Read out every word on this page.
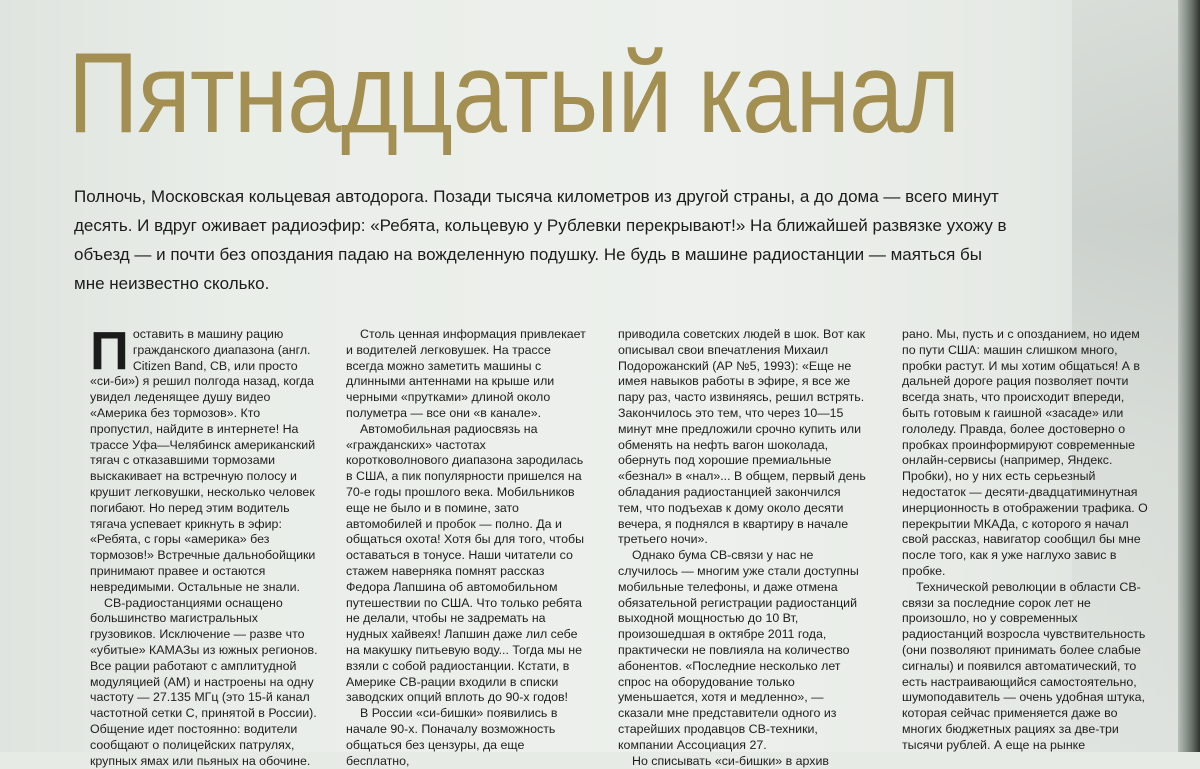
Пятнадцатый канал

Полночь, Московская кольцевая автодорога. Позади тысяча километров из другой страны, а до дома — всего минут десять. И вдруг оживает радиоэфир: «Ребята, кольцевую у Рублевки перекрывают!» На ближайшей развязке ухожу в объезд — и почти без опоздания падаю на вожделенную подушку. Не будь в машине радиостанции — маяться бы мне неизвестно сколько.

Поставить в машину рацию гражданского диапазона (англ. Citizen Band, CB, или просто «си-би») я решил полгода назад, когда увидел леденящее душу видео «Америка без тормозов». Кто пропустил, найдите в интернете! На трассе Уфа—Челябинск американский тягач с отказавшими тормозами выскакивает на встречную полосу и крушит легковушки, несколько человек погибают. Но перед этим водитель тягача успевает крикнуть в эфир: «Ребята, с горы «америка» без тормозов!» Встречные дальнобойщики принимают правее и остаются невредимыми. Остальные не знали.

CB-радиостанциями оснащено большинство магистральных грузовиков. Исключение — разве что «убитые» КАМАЗы из южных регионов. Все рации работают с амплитудной модуляцией (АМ) и настроены на одну частоту — 27.135 МГц (это 15-й канал частотной сетки С, принятой в России). Общение идет постоянно: водители сообщают о полицейских патрулях, крупных ямах или пьяных на обочине.

Столь ценная информация привлекает и водителей легковушек. На трассе всегда можно заметить машины с длинными антеннами на крыше или черными «прутками» длиной около полуметра — все они «в канале».

Автомобильная радиосвязь на «гражданских» частотах коротковолнового диапазона зародилась в США, а пик популярности пришелся на 70-е годы прошлого века. Мобильников еще не было и в помине, зато автомобилей и пробок — полно. Да и общаться охота! Хотя бы для того, чтобы оставаться в тонусе. Наши читатели со стажем наверняка помнят рассказ Федора Лапшина об автомобильном путешествии по США. Что только ребята не делали, чтобы не задремать на нудных хайвеях! Лапшин даже лил себе на макушку питьевую воду... Тогда мы не взяли с собой радиостанции. Кстати, в Америке CB-рации входили в списки заводских опций вплоть до 90-х годов!

В России «си-бишки» появились в начале 90-х. Поначалу возможность общаться без цензуры, да еще бесплатно,

приводила советских людей в шок. Вот как описывал свои впечатления Михаил Подорожанский (АР №5, 1993): «Еще не имея навыков работы в эфире, я все же пару раз, часто извиняясь, решил встрять. Закончилось это тем, что через 10—15 минут мне предложили срочно купить или обменять на нефть вагон шоколада, обернуть под хорошие премиальные «безнал» в «нал»... В общем, первый день обладания радиостанцией закончился тем, что подъехав к дому около десяти вечера, я поднялся в квартиру в начале третьего ночи».

Однако бума CB-связи у нас не случилось — многим уже стали доступны мобильные телефоны, и даже отмена обязательной регистрации радиостанций выходной мощностью до 10 Вт, произошедшая в октябре 2011 года, практически не повлияла на количество абонентов. «Последние несколько лет спрос на оборудование только уменьшается, хотя и медленно», — сказали мне представители одного из старейших продавцов CB-техники, компании Ассоциация 27.

Но списывать «си-бишки» в архив

рано. Мы, пусть и с опозданием, но идем по пути США: машин слишком много, пробки растут. И мы хотим общаться! А в дальней дороге рация позволяет почти всегда знать, что происходит впереди, быть готовым к гаишной «засаде» или гололеду. Правда, более достоверно о пробках проинформируют современные онлайн-сервисы (например, Яндекс. Пробки), но у них есть серьезный недостаток — десяти-двадцатиминутная инерционность в отображении трафика. О перекрытии МКАДа, с которого я начал свой рассказ, навигатор сообщил бы мне после того, как я уже наглухо завис в пробке.

Технической революции в области CB-связи за последние сорок лет не произошло, но у современных радиостанций возросла чувствительность (они позволяют принимать более слабые сигналы) и появился автоматический, то есть настраивающийся самостоятельно, шумоподавитель — очень удобная штука, которая сейчас применяется даже во многих бюджетных рациях за две-три тысячи рублей. А еще на рынке
